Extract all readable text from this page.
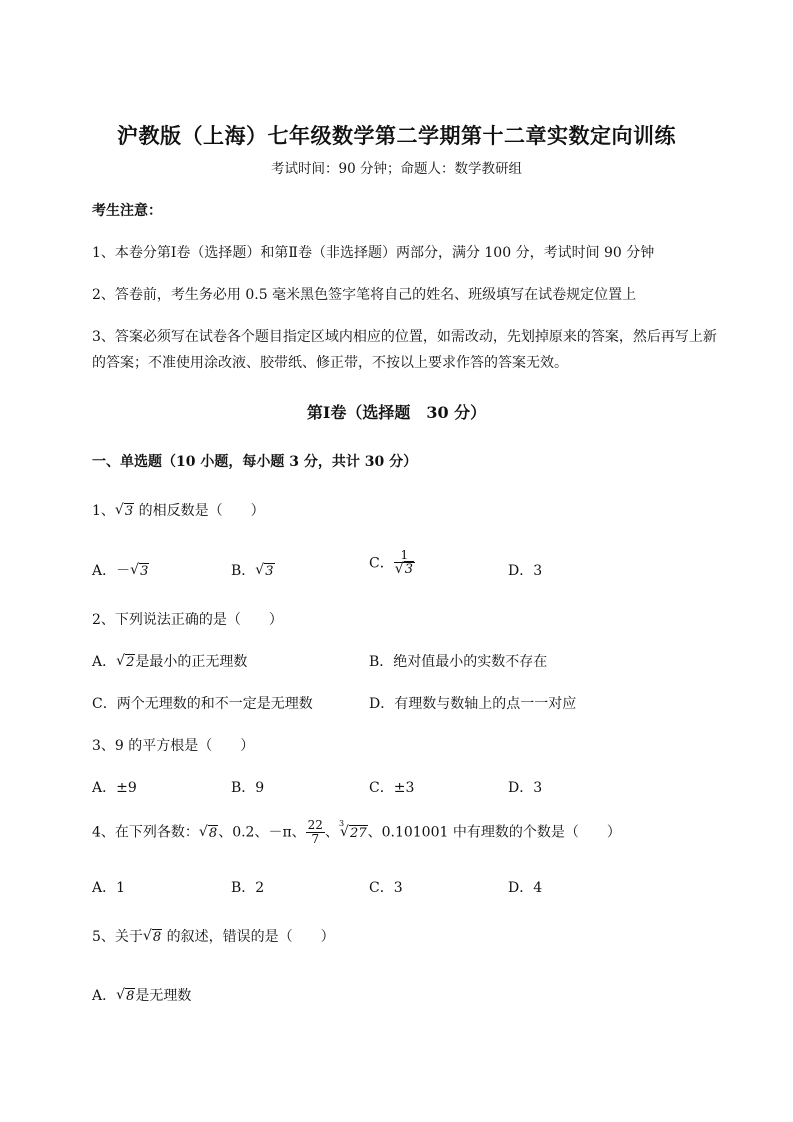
沪教版（上海）七年级数学第二学期第十二章实数定向训练
考试时间：90 分钟；命题人：数学教研组
考生注意：
1、本卷分第Ⅰ卷（选择题）和第Ⅱ卷（非选择题）两部分，满分 100 分，考试时间 90 分钟
2、答卷前，考生务必用 0.5 毫米黑色签字笔将自己的姓名、班级填写在试卷规定位置上
3、答案必须写在试卷各个题目指定区域内相应的位置，如需改动，先划掉原来的答案，然后再写上新
的答案；不准使用涂改液、胶带纸、修正带，不按以上要求作答的答案无效。
第Ⅰ卷（选择题　30 分）
一、单选题（10 小题，每小题 3 分，共计 30 分）
1、 √ 3 的相反数是（　　）
A．－ √ 3	B． √ 3
C． 1
√ 3	D．3
2、下列说法正确的是（　　）
A． √ 2是最小的正无理数	B．绝对值最小的实数不存在
C．两个无理数的和不一定是无理数	D．有理数与数轴上的点一一对应
3、9 的平方根是（　　）
A．±9	B．9	C．±3	D．3
4、在下列各数： √ 8、0.2、－π、 $\frac{22}{7}$ 、$^3$√ 27、0.101001 中有理数的个数是（　　）
A．1	B．2	C．3	D．4
5、关于 √ 8 的叙述，错误的是（　　）
A． √ 8是无理数
